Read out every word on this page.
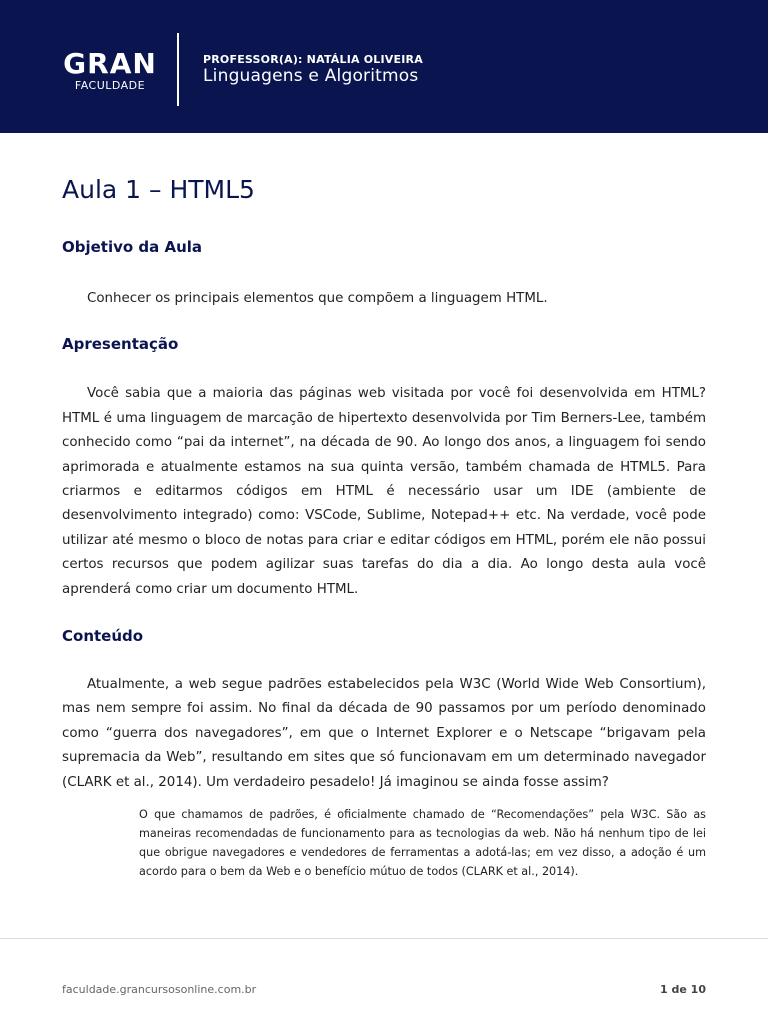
GRAN
FACULDADE
PROFESSOR(A): NATÁLIA OLIVEIRA
Linguagens e Algoritmos
Aula 1 – HTML5
Objetivo da Aula

Conhecer os principais elementos que compõem a linguagem HTML.

Apresentação

Você sabia que a maioria das páginas web visitada por você foi desenvolvida em HTML? HTML é uma linguagem de marcação de hipertexto desenvolvida por Tim Berners-Lee, também conhecido como “pai da internet”, na década de 90. Ao longo dos anos, a linguagem foi sendo aprimorada e atualmente estamos na sua quinta versão, também chamada de HTML5. Para criarmos e editarmos códigos em HTML é necessário usar um IDE (ambiente de desenvolvimento integrado) como: VSCode, Sublime, Notepad++ etc. Na verdade, você pode utilizar até mesmo o bloco de notas para criar e editar códigos em HTML, porém ele não possui certos recursos que podem agilizar suas tarefas do dia a dia. Ao longo desta aula você aprenderá como criar um documento HTML.

Conteúdo

Atualmente, a web segue padrões estabelecidos pela W3C (World Wide Web Consortium), mas nem sempre foi assim. No final da década de 90 passamos por um período denominado como “guerra dos navegadores”, em que o Internet Explorer e o Netscape “brigavam pela supremacia da Web”, resultando em sites que só funcionavam em um determinado navegador (CLARK et al., 2014). Um verdadeiro pesadelo! Já imaginou se ainda fosse assim?

O que chamamos de padrões, é oficialmente chamado de “Recomendações” pela W3C. São as maneiras recomendadas de funcionamento para as tecnologias da web. Não há nenhum tipo de lei que obrigue navegadores e vendedores de ferramentas a adotá-las; em vez disso, a adoção é um acordo para o bem da Web e o benefício mútuo de todos (CLARK et al., 2014).

faculdade.grancursosonline.com.br	1 de 10
